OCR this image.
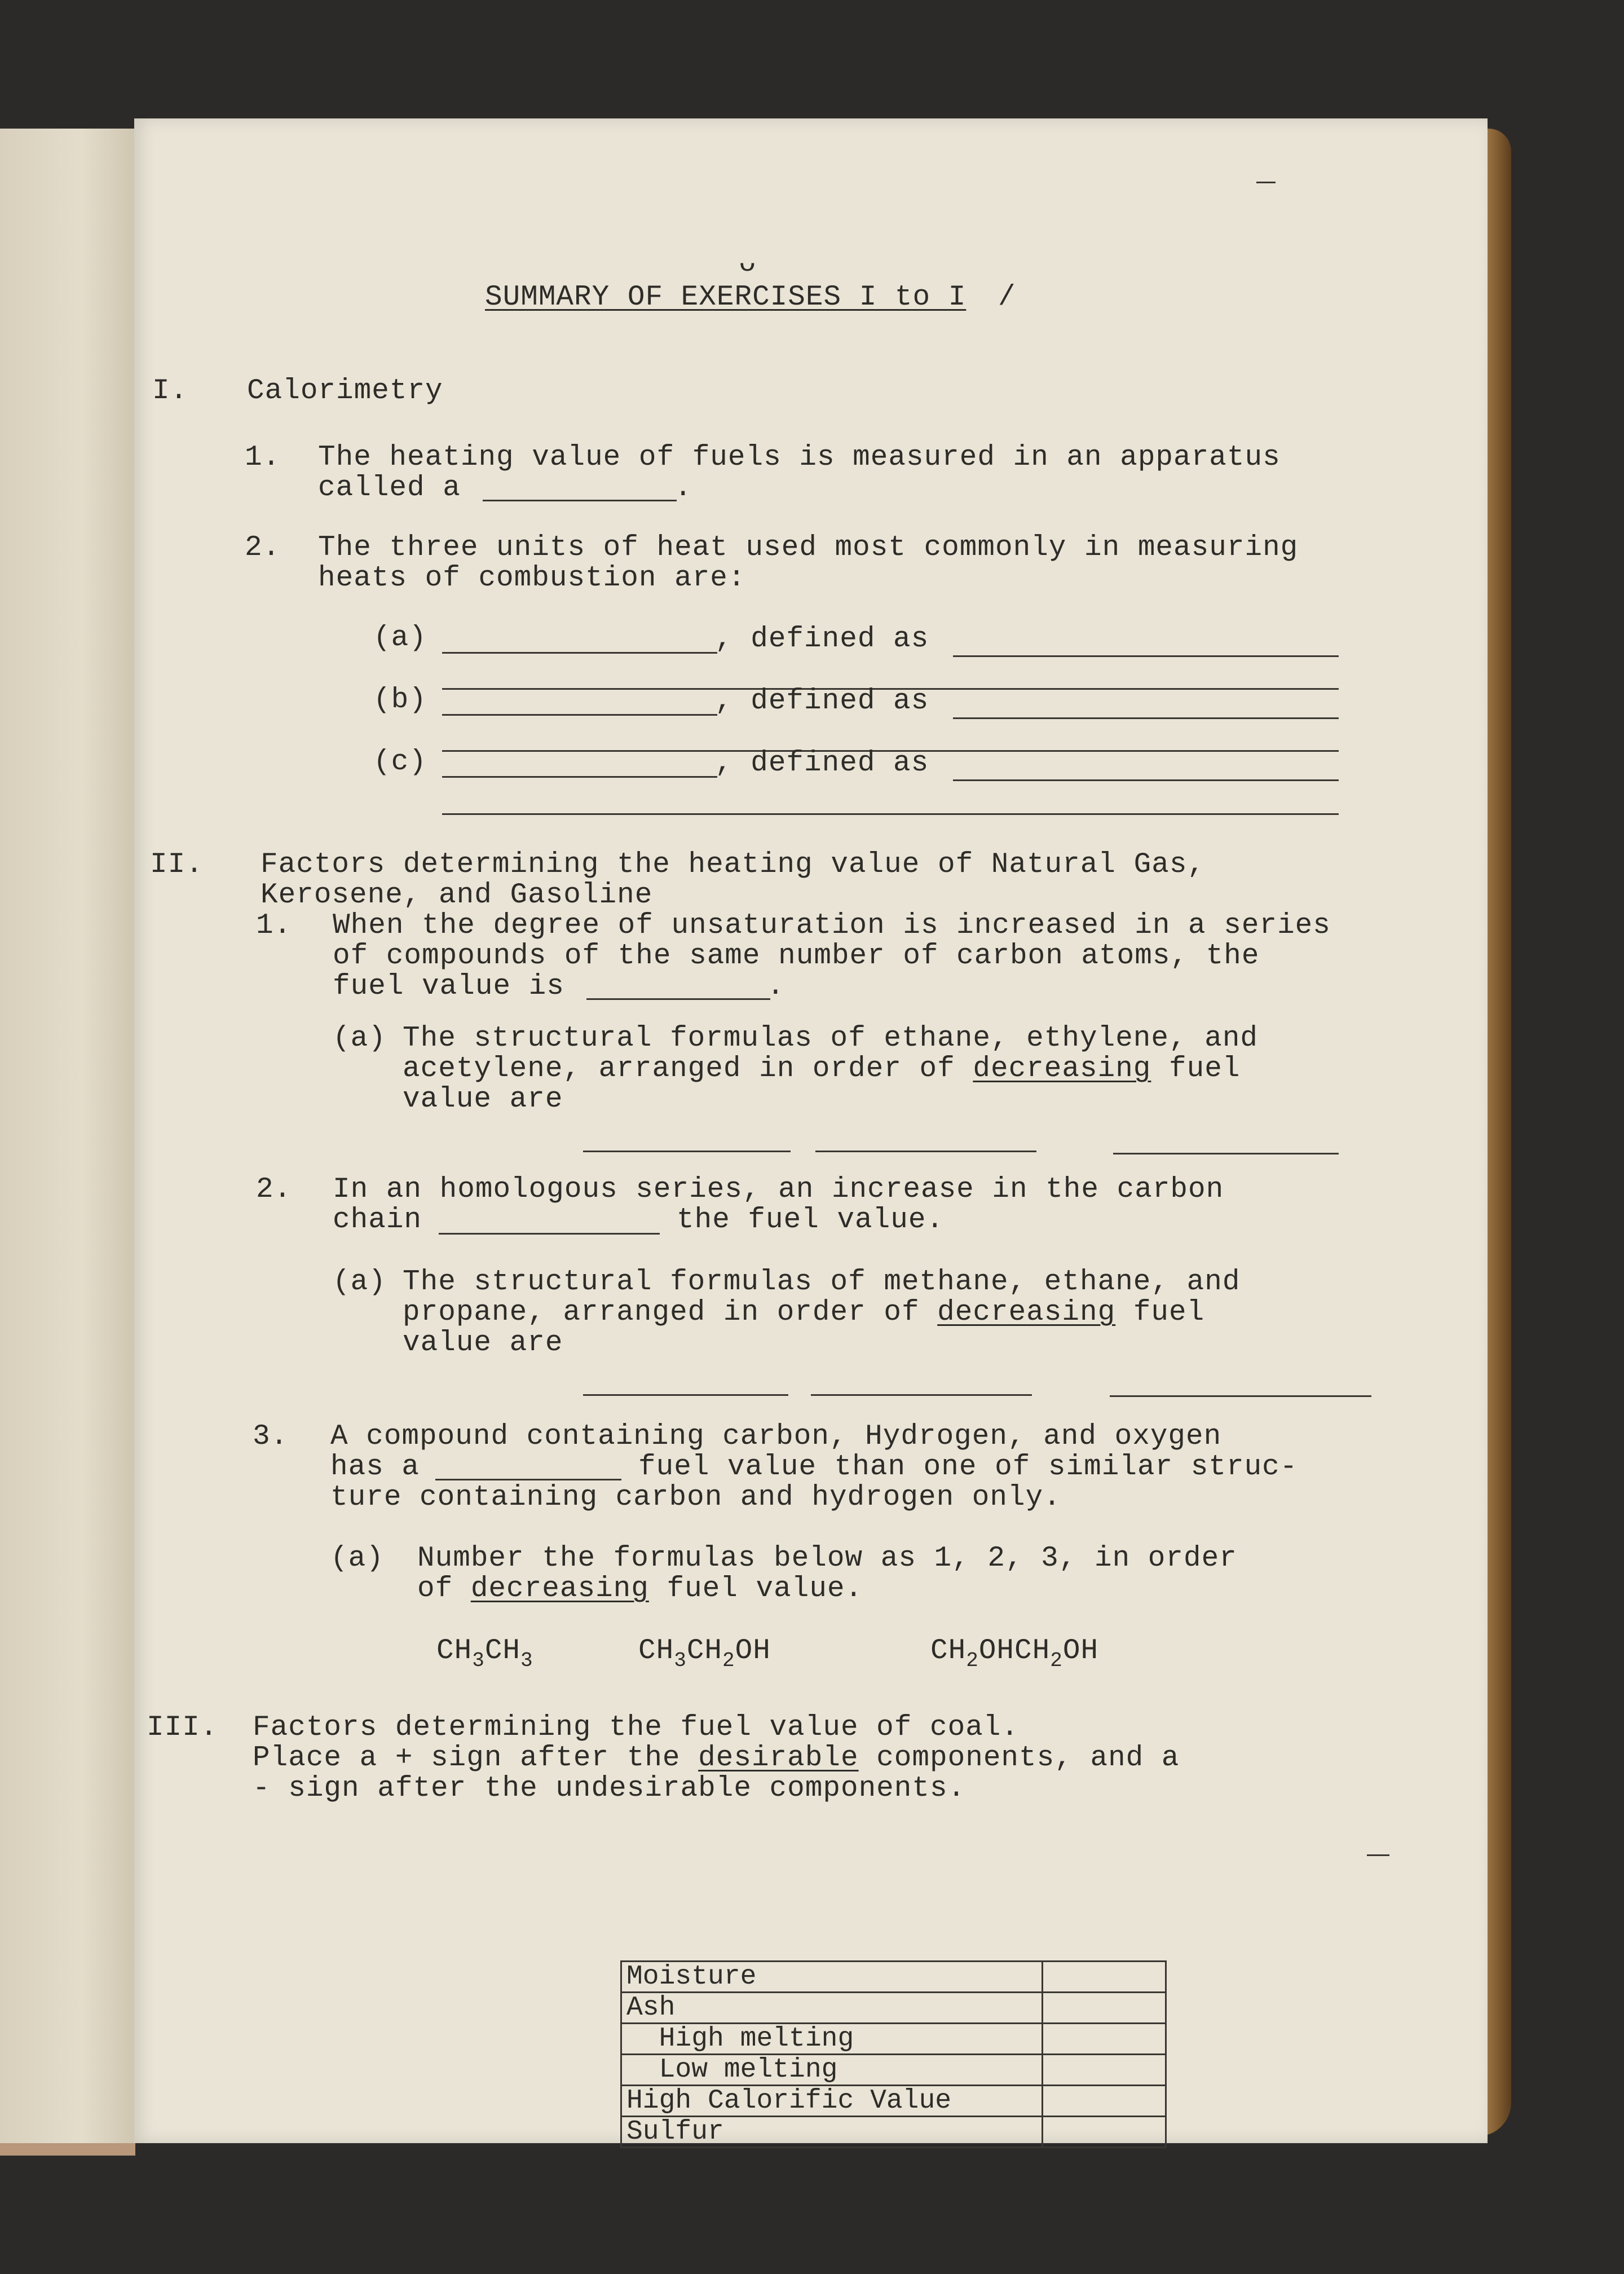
ᴗ
SUMMARY OF EXERCISES I to I /
I. Calorimetry
1. The heating value of fuels is measured in an apparatus
called a	.
2. The three units of heat used most commonly in measuring
heats of combustion are:
(a)	, defined as
(b)	, defined as
(c)	, defined as
II. Factors determining the heating value of Natural Gas,
Kerosene, and Gasoline
1. When the degree of unsaturation is increased in a series
of compounds of the same number of carbon atoms, the
fuel value is	.
(a) The structural formulas of ethane, ethylene, and
acetylene, arranged in order of decreasing fuel
value are
2. In an homologous series, an increase in the carbon
chain	the fuel value.
(a) The structural formulas of methane, ethane, and
propane, arranged in order of decreasing fuel
value are
3. A compound containing carbon, Hydrogen, and oxygen
has a	fuel value than one of similar struc-
ture containing carbon and hydrogen only.
(a) Number the formulas below as 1, 2, 3, in order
of decreasing fuel value.
$CH_3CH_3$	$CH_3CH_2OH$	$CH_2OHCH_2OH$
III. Factors determining the fuel value of coal.
Place a + sign after the desirable components, and a
- sign after the undesirable components.
Moisture	
Ash	
High melting	
Low melting	
High Calorific Value	
Sulfur	
